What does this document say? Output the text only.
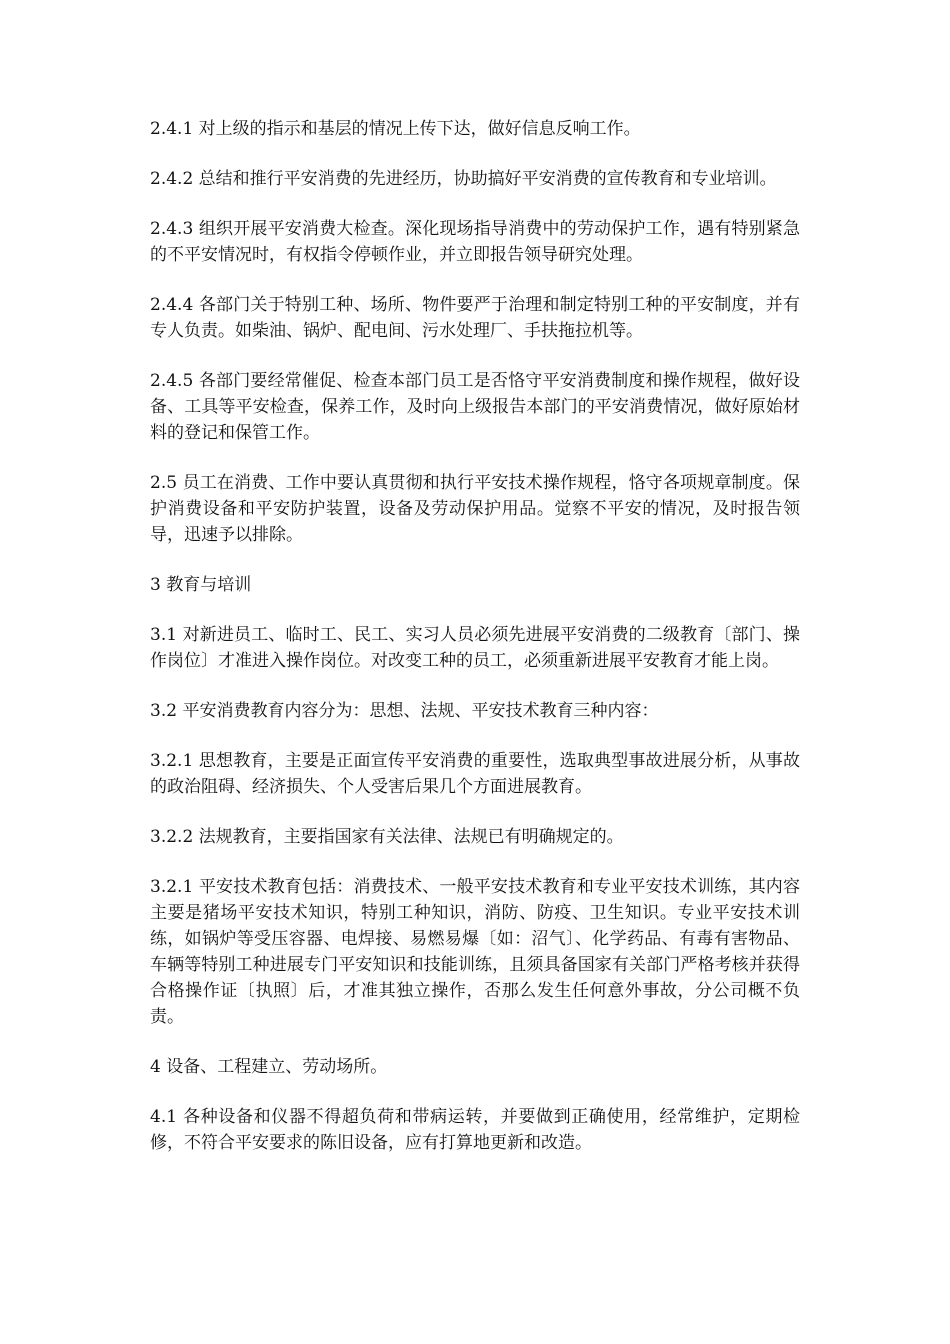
2.4.1 对上级的指示和基层的情况上传下达，做好信息反响工作。

2.4.2 总结和推行平安消费的先进经历，协助搞好平安消费的宣传教育和专业培训。

2.4.3 组织开展平安消费大检查。深化现场指导消费中的劳动保护工作，遇有特别紧急的不平安情况时，有权指令停顿作业，并立即报告领导研究处理。

2.4.4 各部门关于特别工种、场所、物件要严于治理和制定特别工种的平安制度，并有专人负责。如柴油、锅炉、配电间、污水处理厂、手扶拖拉机等。

2.4.5 各部门要经常催促、检查本部门员工是否恪守平安消费制度和操作规程，做好设备、工具等平安检查，保养工作，及时向上级报告本部门的平安消费情况，做好原始材料的登记和保管工作。

2.5 员工在消费、工作中要认真贯彻和执行平安技术操作规程，恪守各项规章制度。保护消费设备和平安防护装置，设备及劳动保护用品。觉察不平安的情况，及时报告领导，迅速予以排除。

3 教育与培训

3.1 对新进员工、临时工、民工、实习人员必须先进展平安消费的二级教育〔部门、操作岗位〕才准进入操作岗位。对改变工种的员工，必须重新进展平安教育才能上岗。

3.2 平安消费教育内容分为：思想、法规、平安技术教育三种内容：

3.2.1 思想教育，主要是正面宣传平安消费的重要性，选取典型事故进展分析，从事故的政治阻碍、经济损失、个人受害后果几个方面进展教育。

3.2.2 法规教育，主要指国家有关法律、法规已有明确规定的。

3.2.1 平安技术教育包括：消费技术、一般平安技术教育和专业平安技术训练，其内容主要是猪场平安技术知识，特别工种知识，消防、防疫、卫生知识。专业平安技术训练，如锅炉等受压容器、电焊接、易燃易爆〔如：沼气〕、化学药品、有毒有害物品、车辆等特别工种进展专门平安知识和技能训练，且须具备国家有关部门严格考核并获得合格操作证〔执照〕后，才准其独立操作，否那么发生任何意外事故，分公司概不负责。

4 设备、工程建立、劳动场所。

4.1 各种设备和仪器不得超负荷和带病运转，并要做到正确使用，经常维护，定期检修，不符合平安要求的陈旧设备，应有打算地更新和改造。
